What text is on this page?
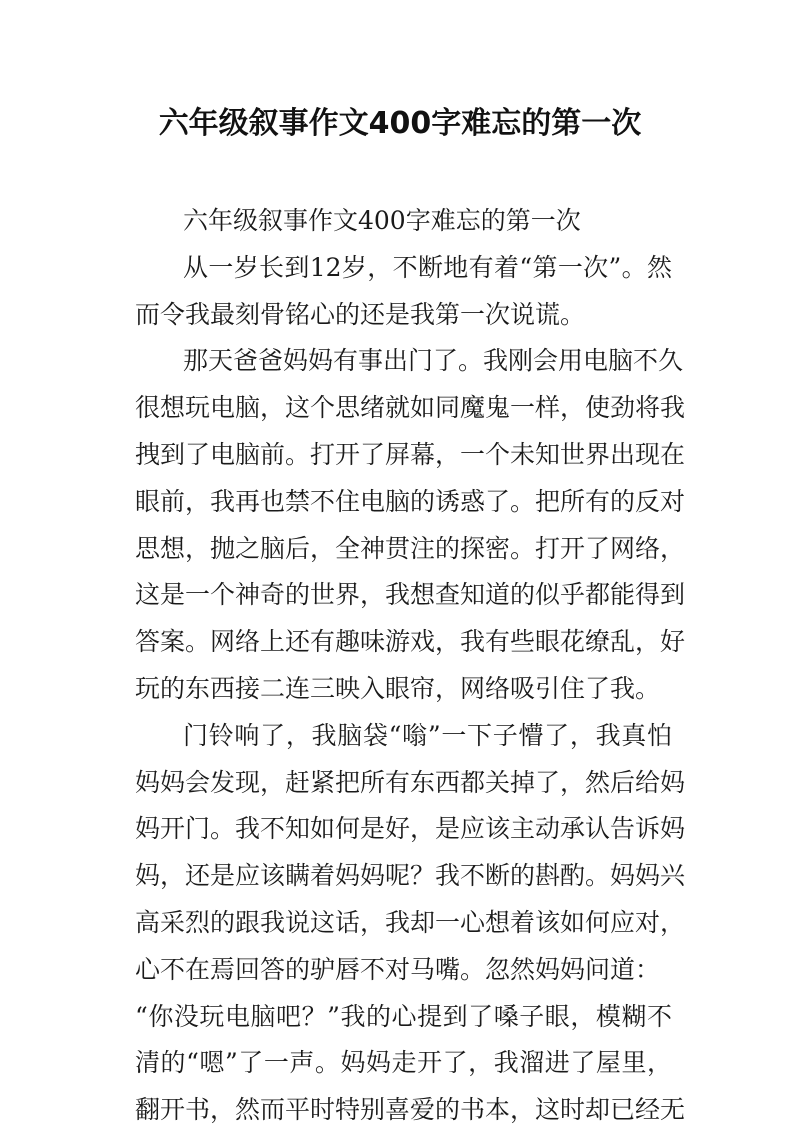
六年级叙事作文400字难忘的第一次
六年级叙事作文400字难忘的第一次
从一岁长到12岁，不断地有着“第一次”。然
而令我最刻骨铭心的还是我第一次说谎。
那天爸爸妈妈有事出门了。我刚会用电脑不久
很想玩电脑，这个思绪就如同魔鬼一样，使劲将我
拽到了电脑前。打开了屏幕，一个未知世界出现在
眼前，我再也禁不住电脑的诱惑了。把所有的反对
思想，抛之脑后，全神贯注的探密。打开了网络，
这是一个神奇的世界，我想查知道的似乎都能得到
答案。网络上还有趣味游戏，我有些眼花缭乱，好
玩的东西接二连三映入眼帘，网络吸引住了我。
门铃响了，我脑袋“嗡”一下子懵了，我真怕
妈妈会发现，赶紧把所有东西都关掉了，然后给妈
妈开门。我不知如何是好，是应该主动承认告诉妈
妈，还是应该瞒着妈妈呢？我不断的斟酌。妈妈兴
高采烈的跟我说这话，我却一心想着该如何应对，
心不在焉回答的驴唇不对马嘴。忽然妈妈问道：
“你没玩电脑吧？”我的心提到了嗓子眼，模糊不
清的“嗯”了一声。妈妈走开了，我溜进了屋里，
翻开书，然而平时特别喜爱的书本，这时却已经无
